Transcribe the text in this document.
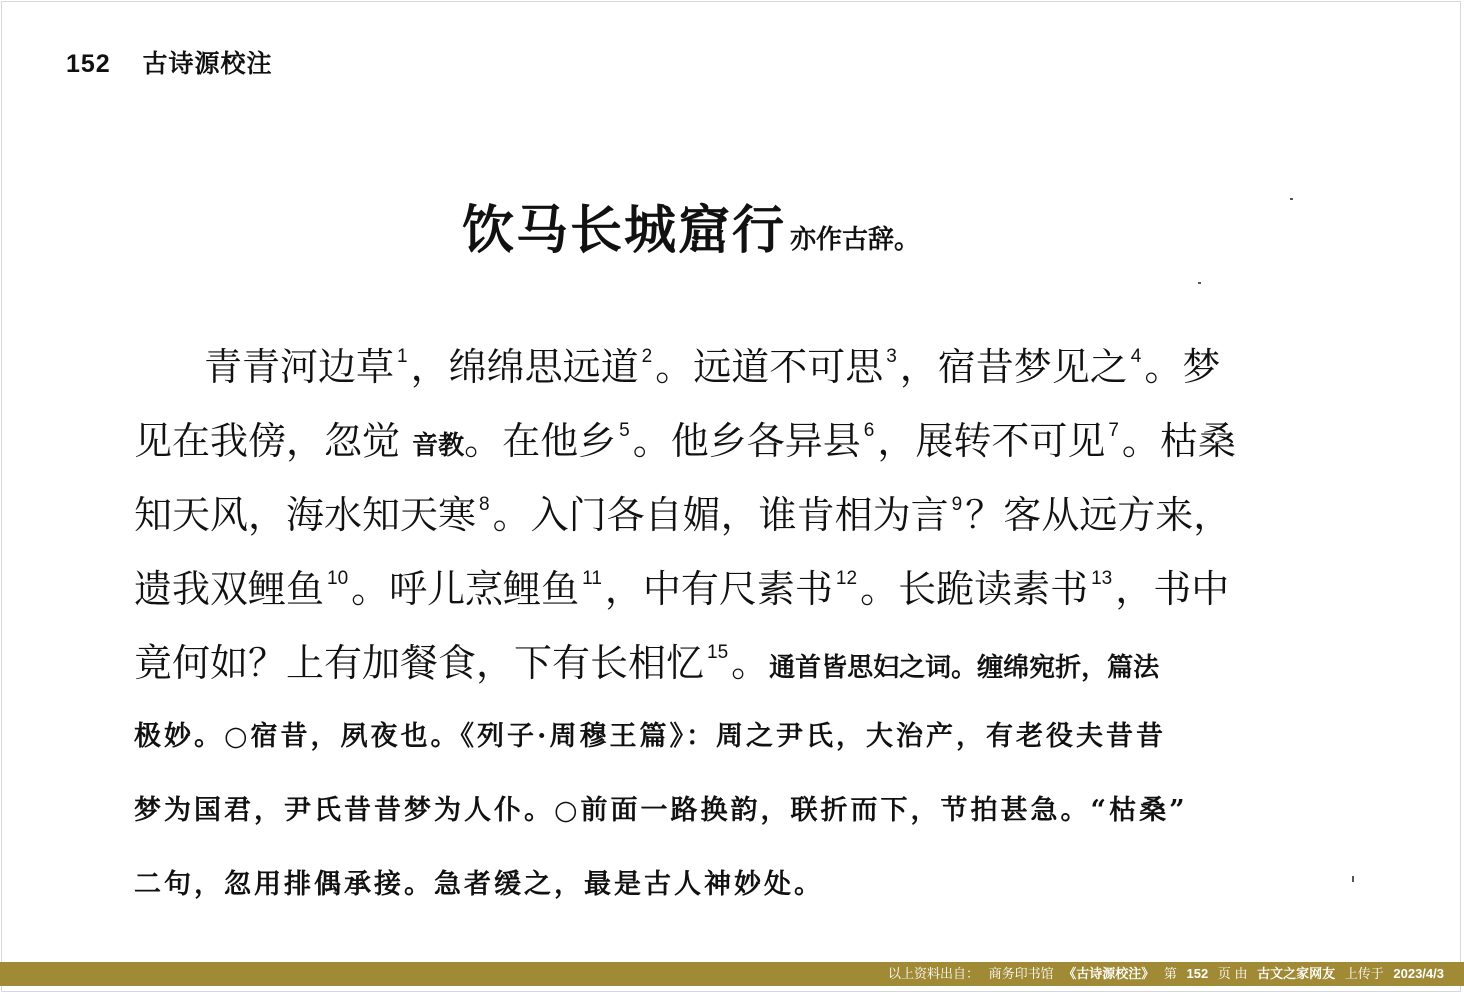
152 古诗源校注
饮马长城窟行 亦作古辞。
青青河边草 $^1$，绵绵思远道 $^2$。远道不可思 $^3$，宿昔梦见之 $^4$。梦
见在我傍，忽觉 音教。在他乡 $^5$。他乡各异县 $^6$，展转不可见 $^7$。枯桑
知天风，海水知天寒 $^8$。入门各自媚，谁肯相为言 $^9$？客从远方来，
遗我双鲤鱼 $^{10}$。呼儿烹鲤鱼 $^{11}$，中有尺素书 $^{12}$。长跪读素书 $^{13}$，书中
竟何如？上有加餐食，下有长相忆 $^{15}$。通首皆思妇之词。缠绵宛折，篇法
极妙。○宿昔，夙夜也。《列子·周穆王篇》：周之尹氏，大治产，有老役夫昔昔
梦为国君，尹氏昔昔梦为人仆。○前面一路换韵，联折而下，节拍甚急。“枯桑”
二句，忽用排偶承接。急者缓之，最是古人神妙处。
以上资料出自： 商务印书馆 《古诗源校注》 第 152 页 由 古文之家网友 上传于 2023/4/3
